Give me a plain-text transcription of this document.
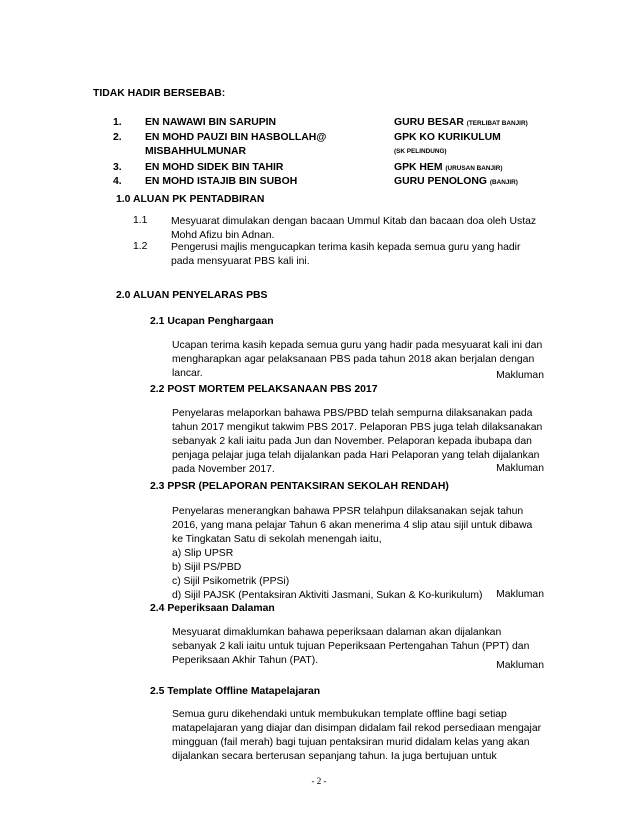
TIDAK HADIR BERSEBAB:
1. EN NAWAWI BIN SARUPIN	GURU BESAR (TERLIBAT BANJIR)
2. EN MOHD PAUZI BIN HASBOLLAH@
MISBAHHULMUNAR
GPK KO KURIKULUM
(SK PELINDUNG)
3. EN MOHD SIDEK BIN TAHIR	GPK HEM (URUSAN BANJIR)
4. EN MOHD ISTAJIB BIN SUBOH	GURU PENOLONG (BANJIR)
1.0 ALUAN PK PENTADBIRAN
1.1 Mesyuarat dimulakan dengan bacaan Ummul Kitab dan bacaan doa oleh Ustaz
Mohd Afizu bin Adnan.
1.2 Pengerusi majlis mengucapkan terima kasih kepada semua guru yang hadir
pada mensyuarat PBS kali ini.
2.0 ALUAN PENYELARAS PBS
2.1 Ucapan Penghargaan
Ucapan terima kasih kepada semua guru yang hadir pada mesyuarat kali ini dan
mengharapkan agar pelaksanaan PBS pada tahun 2018 akan berjalan dengan
lancar.	Makluman
2.2 POST MORTEM PELAKSANAAN PBS 2017
Penyelaras melaporkan bahawa PBS/PBD telah sempurna dilaksanakan pada
tahun 2017 mengikut takwim PBS 2017. Pelaporan PBS juga telah dilaksanakan
sebanyak 2 kali iaitu pada Jun dan November. Pelaporan kepada ibubapa dan
penjaga pelajar juga telah dijalankan pada Hari Pelaporan yang telah dijalankan
pada November 2017.	Makluman
2.3 PPSR (PELAPORAN PENTAKSIRAN SEKOLAH RENDAH)
Penyelaras menerangkan bahawa PPSR telahpun dilaksanakan sejak tahun
2016, yang mana pelajar Tahun 6 akan menerima 4 slip atau sijil untuk dibawa
ke Tingkatan Satu di sekolah menengah iaitu,
a) Slip UPSR
b) Sijil PS/PBD
c) Sijil Psikometrik (PPSi)
d) Sijil PAJSK (Pentaksiran Aktiviti Jasmani, Sukan & Ko-kurikulum)	Makluman
2.4 Peperiksaan Dalaman
Mesyuarat dimaklumkan bahawa peperiksaan dalaman akan dijalankan
sebanyak 2 kali iaitu untuk tujuan Peperiksaan Pertengahan Tahun (PPT) dan
Peperiksaan Akhir Tahun (PAT).	Makluman
2.5 Template Offline Matapelajaran
Semua guru dikehendaki untuk membukukan template offline bagi setiap
matapelajaran yang diajar dan disimpan didalam fail rekod persediaan mengajar
mingguan (fail merah) bagi tujuan pentaksiran murid didalam kelas yang akan
dijalankan secara berterusan sepanjang tahun. Ia juga bertujuan untuk
- 2 -
